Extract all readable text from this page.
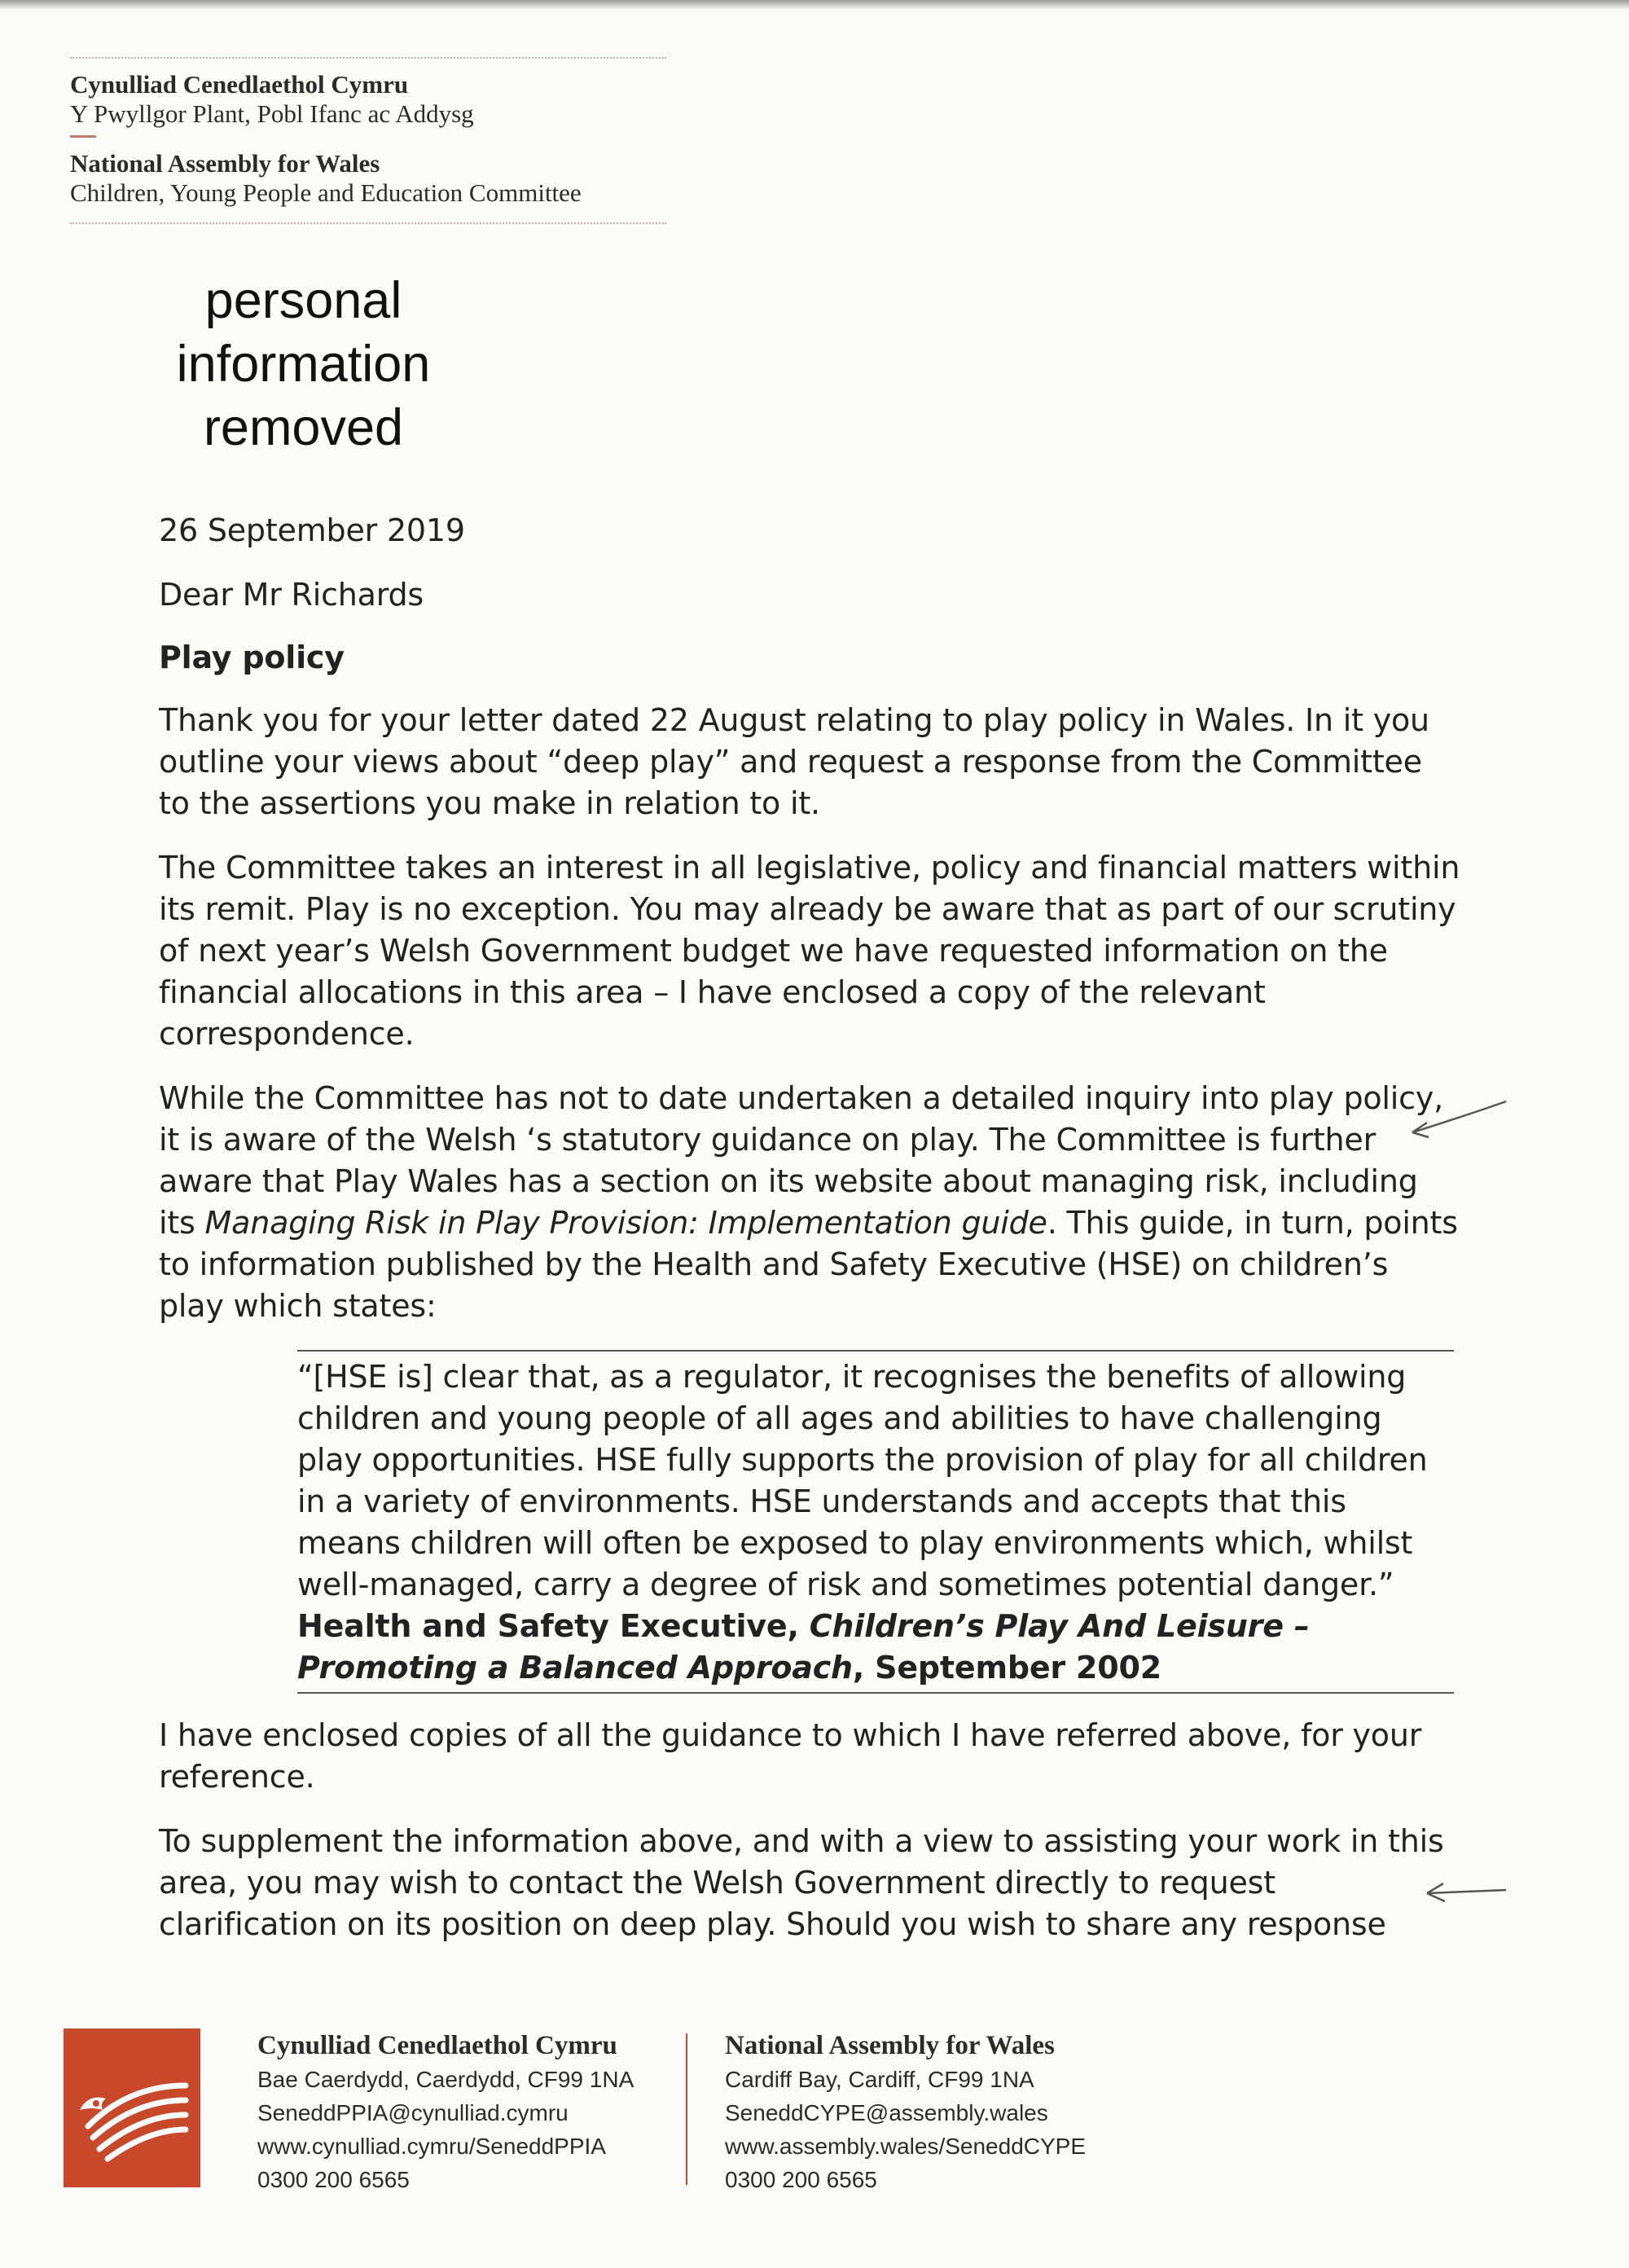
Cynulliad Cenedlaethol Cymru
Y Pwyllgor Plant, Pobl Ifanc ac Addysg
National Assembly for Wales
Children, Young People and Education Committee
personal
information
removed

26 September 2019

Dear Mr Richards

Play policy

Thank you for your letter dated 22 August relating to play policy in Wales. In it you outline your views about “deep play” and request a response from the Committee to the assertions you make in relation to it.

The Committee takes an interest in all legislative, policy and financial matters within its remit. Play is no exception. You may already be aware that as part of our scrutiny of next year’s Welsh Government budget we have requested information on the financial allocations in this area – I have enclosed a copy of the relevant correspondence.

While the Committee has not to date undertaken a detailed inquiry into play policy, it is aware of the Welsh ‘s statutory guidance on play. The Committee is further aware that Play Wales has a section on its website about managing risk, including its Managing Risk in Play Provision: Implementation guide. This guide, in turn, points to information published by the Health and Safety Executive (HSE) on children’s play which states:

“[HSE is] clear that, as a regulator, it recognises the benefits of allowing children and young people of all ages and abilities to have challenging play opportunities. HSE fully supports the provision of play for all children in a variety of environments. HSE understands and accepts that this means children will often be exposed to play environments which, whilst well-managed, carry a degree of risk and sometimes potential danger.” Health and Safety Executive, Children’s Play And Leisure – Promoting a Balanced Approach, September 2002

I have enclosed copies of all the guidance to which I have referred above, for your reference.

To supplement the information above, and with a view to assisting your work in this area, you may wish to contact the Welsh Government directly to request clarification on its position on deep play. Should you wish to share any response

Cynulliad Cenedlaethol Cymru
Bae Caerdydd, Caerdydd, CF99 1NA
SeneddPPIA@cynulliad.cymru
www.cynulliad.cymru/SeneddPPIA
0300 200 6565
National Assembly for Wales
Cardiff Bay, Cardiff, CF99 1NA
SeneddCYPE@assembly.wales
www.assembly.wales/SeneddCYPE
0300 200 6565
